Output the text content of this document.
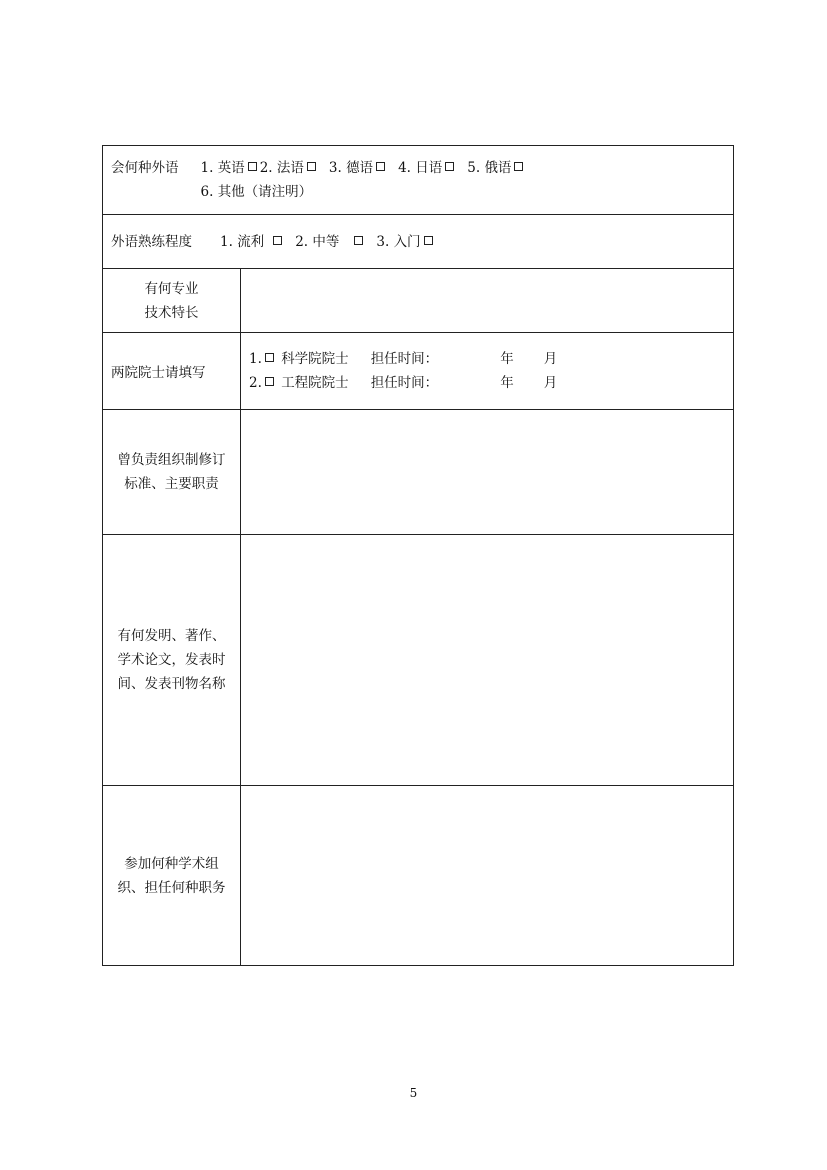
会何种外语 1. 英语 2. 法语 3. 德语 4. 日语 5. 俄语
6. 其他（请注明）	

外语熟练程度 1. 流利 2. 中等 3. 入门	

有何专业
技术特长	

两院院士请填写	1. 科学院院士 担任时间： 年 月
2. 工程院院士 担任时间： 年 月

曾负责组织制修订
标准、主要职责	

有何发明、著作、
学术论文，发表时
间、发表刊物名称	

参加何种学术组
织、担任何种职务	

5
